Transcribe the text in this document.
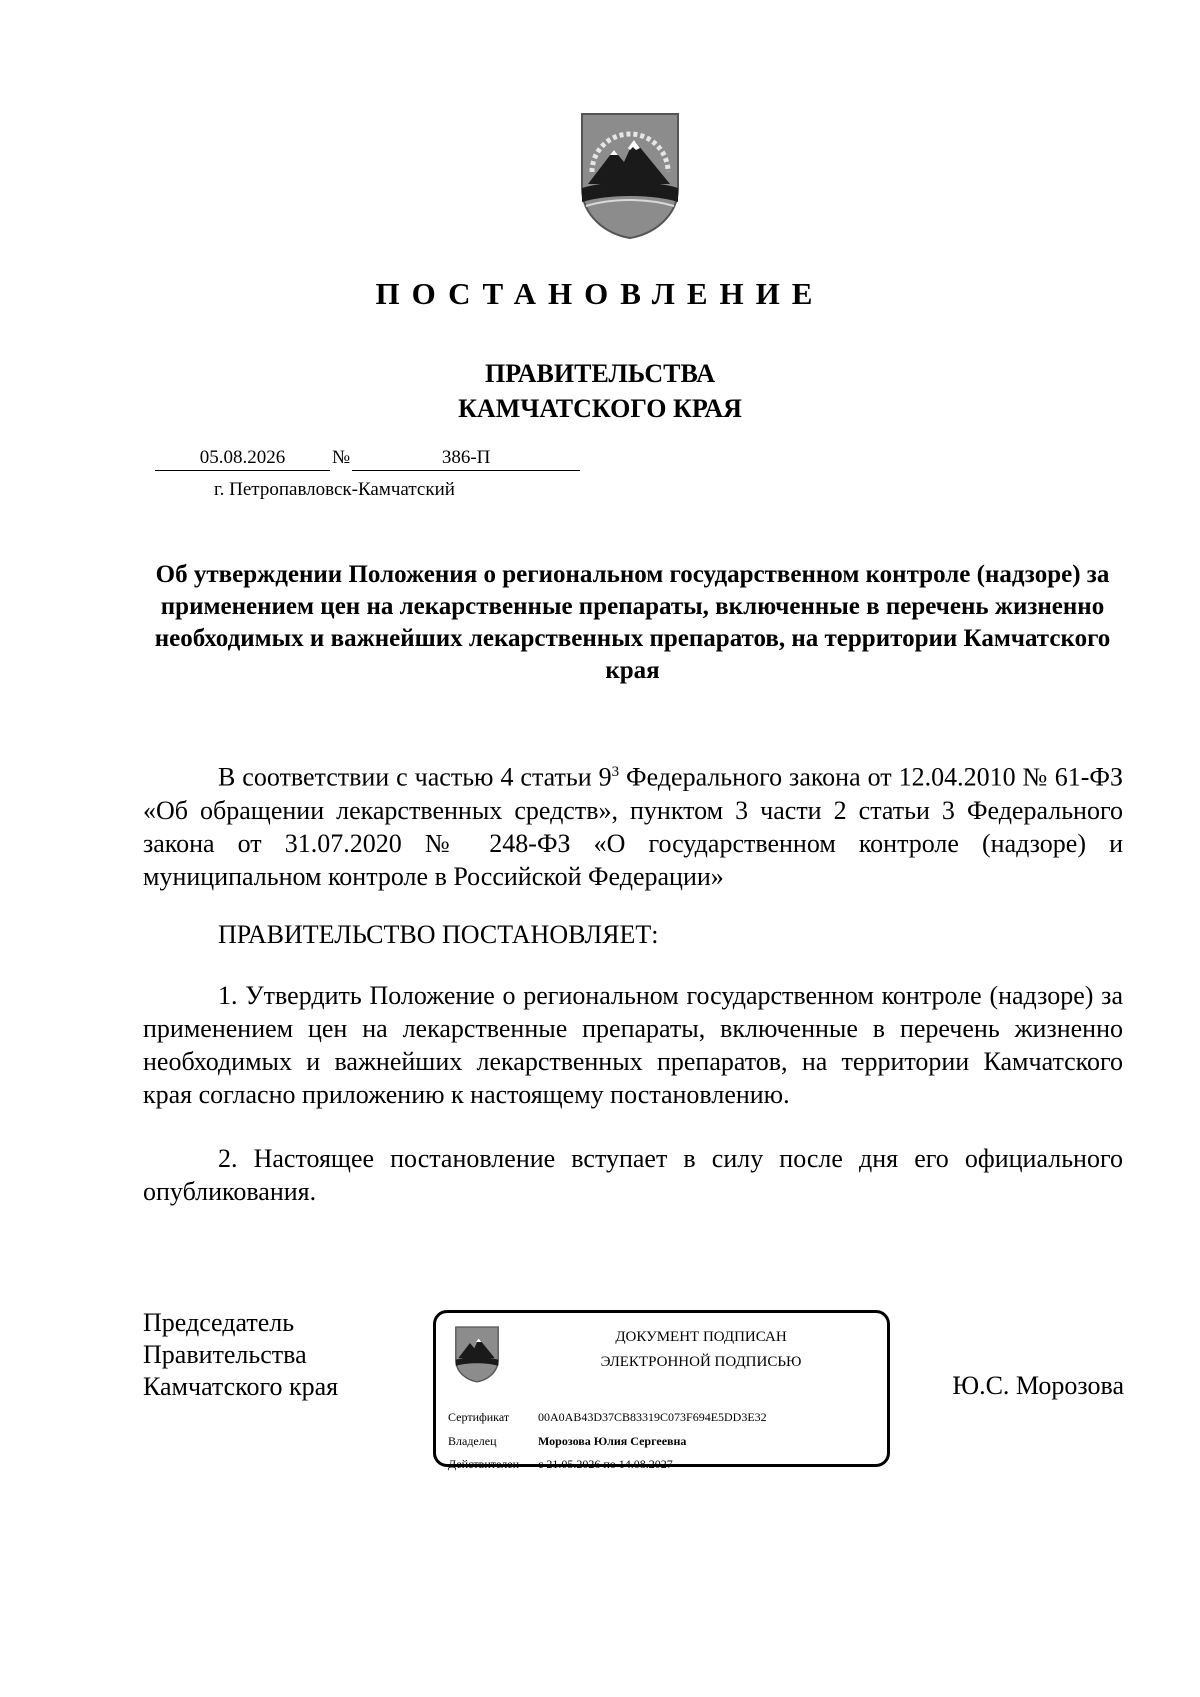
ПОСТАНОВЛЕНИЕ
ПРАВИТЕЛЬСТВА
КАМЧАТСКОГО КРАЯ
05.08.2026 №	386-П
г. Петропавловск-Камчатский
Об утверждении Положения о региональном государственном контроле (надзоре) за применением цен на лекарственные препараты, включенные в перечень жизненно необходимых и важнейших лекарственных препаратов, на территории Камчатского края
В соответствии с частью 4 статьи $9^3$ Федерального закона от 12.04.2010 № 61-ФЗ «Об обращении лекарственных средств», пунктом 3 части 2 статьи 3 Федерального закона от 31.07.2020 № 248-ФЗ «О государственном контроле (надзоре) и муниципальном контроле в Российской Федерации»
ПРАВИТЕЛЬСТВО ПОСТАНОВЛЯЕТ:
1. Утвердить Положение о региональном государственном контроле (надзоре) за применением цен на лекарственные препараты, включенные в перечень жизненно необходимых и важнейших лекарственных препаратов, на территории Камчатского края согласно приложению к настоящему постановлению.
2. Настоящее постановление вступает в силу после дня его официального опубликования.
Председатель
Правительства
Камчатского края
ДОКУМЕНТ ПОДПИСАН
ЭЛЕКТРОННОЙ ПОДПИСЬЮ
Сертификат 00A0AB43D37CB83319C073F694E5DD3E32
Владелец	Морозова Юлия Сергеевна
Действителен с 21.05.2026 по 14.08.2027
Ю.С. Морозова
